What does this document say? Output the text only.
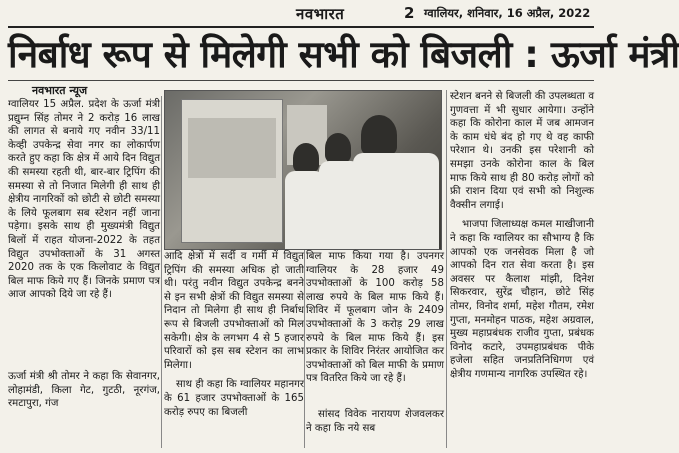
नवभारत	2 ग्वालियर, शनिवार, 16 अप्रैल, 2022
निर्बाध रूप से मिलेगी सभी को बिजली : ऊर्जा मंत्री
नवभारत न्यूज

ग्वालियर 15 अप्रैल. प्रदेश के ऊर्जा मंत्री प्रद्युम्न सिंह तोमर ने 2 करोड़ 16 लाख की लागत से बनाये गए नवीन 33/11 केव्ही उपकेन्द्र सेवा नगर का लोकार्पण करते हुए कहा कि क्षेत्र में आये दिन विद्युत की समस्या रहती थी, बार-बार ट्रिपिंग की समस्या से तो निजात मिलेगी ही साथ ही क्षेत्रीय नागरिकों को छोटी से छोटी समस्या के लिये फूलबाग सब स्टेशन नहीं जाना पड़ेगा। इसके साथ ही मुख्यमंत्री विद्युत बिलों में राहत योजना-2022 के तहत विद्युत उपभोक्ताओं के 31 अगस्त 2020 तक के एक किलोवाट के विद्युत बिल माफ किये गए हैं। जिनके प्रमाण पत्र आज आपको दिये जा रहे हैं।

ऊर्जा मंत्री श्री तोमर ने कहा कि सेवानगर, लोहामंडी, किला गेट, गुटठी, नूरगंज, रमटापुरा, गंज

आदि क्षेत्रों में सर्दी व गर्मी में विद्युत ट्रिपिंग की समस्या अधिक हो जाती थी। परंतु नवीन विद्युत उपकेन्द्र बनने से इन सभी क्षेत्रों की विद्युत समस्या से निदान तो मिलेगा ही साथ ही निर्बाध रूप से बिजली उपभोक्ताओं को मिल सकेगी। क्षेत्र के लगभग 4 से 5 हजार परिवारों को इस सब स्टेशन का लाभ मिलेगा।

साथ ही कहा कि ग्वालियर महानगर के 61 हजार उपभोक्ताओं के 165 करोड़ रुपए का बिजली

बिल माफ किया गया है। उपनगर ग्वालियर के 28 हजार 49 उपभोक्ताओं के 100 करोड़ 58 लाख रुपये के बिल माफ किये हैं। शिविर में फूलबाग जोन के 2409 उपभोक्ताओं के 3 करोड़ 29 लाख रुपये के बिल माफ किये हैं। इस प्रकार के शिविर निरंतर आयोजित कर उपभोक्ताओं को बिल माफी के प्रमाण पत्र वितरित किये जा रहे हैं।

सांसद विवेक नारायण शेजवलकर ने कहा कि नये सब

स्टेशन बनने से बिजली की उपलब्धता व गुणवत्ता में भी सुधार आयेगा। उन्होंने कहा कि कोरोना काल में जब आमजन के काम धंधे बंद हो गए थे वह काफी परेशान थे। उनकी इस परेशानी को समझा उनके कोरोना काल के बिल माफ किये साथ ही 80 करोड़ लोगों को फ्री राशन दिया एवं सभी को निशुल्क वैक्सीन लगाई।

भाजपा जिलाध्यक्ष कमल माखीजानी ने कहा कि ग्वालियर का सौभाग्य है कि आपको एक जनसेवक मिला है जो आपको दिन रात सेवा करता है। इस अवसर पर कैलाश मांझी, दिनेश सिकरवार, सुरेंद्र चौहान, छोटे सिंह तोमर, विनोद शर्मा, महेश गौतम, रमेश गुप्ता, मनमोहन पाठक, महेश अग्रवाल, मुख्य महाप्रबंधक राजीव गुप्ता, प्रबंधक विनोद कटारे, उपमहाप्रबंधक पीके हजेला सहित जनप्रतिनिधिगण एवं क्षेत्रीय गणमान्य नागरिक उपस्थित रहे।
